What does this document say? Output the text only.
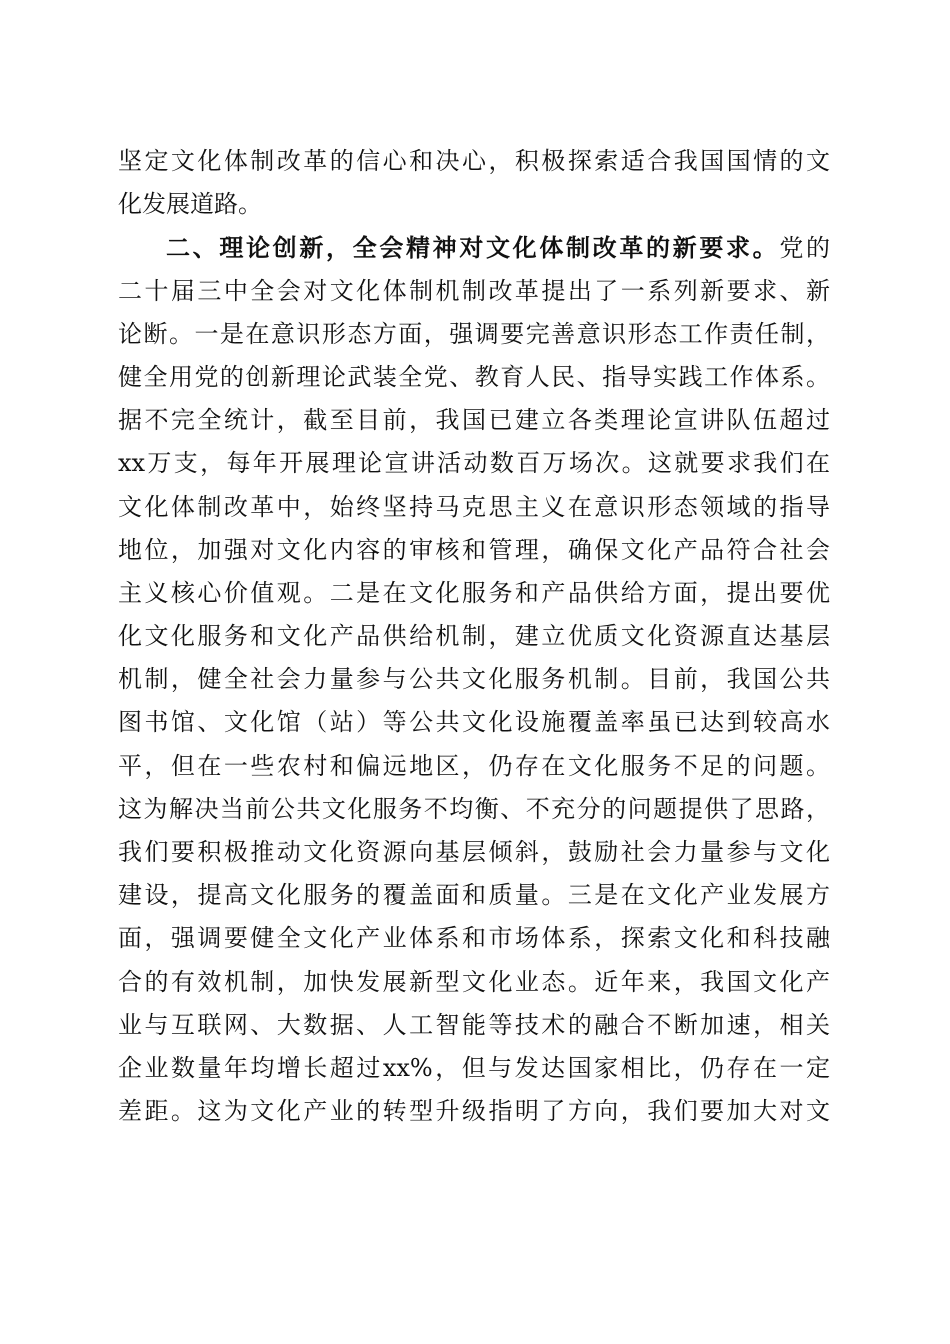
坚定文化体制改革的信心和决心，积极探索适合我国国情的文
化发展道路。
二、理论创新，全会精神对文化体制改革的新要求。党的
二十届三中全会对文化体制机制改革提出了一系列新要求、新
论断。一是在意识形态方面，强调要完善意识形态工作责任制，
健全用党的创新理论武装全党、教育人民、指导实践工作体系。
据不完全统计，截至目前，我国已建立各类理论宣讲队伍超过
xx万支，每年开展理论宣讲活动数百万场次。这就要求我们在
文化体制改革中，始终坚持马克思主义在意识形态领域的指导
地位，加强对文化内容的审核和管理，确保文化产品符合社会
主义核心价值观。二是在文化服务和产品供给方面，提出要优
化文化服务和文化产品供给机制，建立优质文化资源直达基层
机制，健全社会力量参与公共文化服务机制。目前，我国公共
图书馆、文化馆（站）等公共文化设施覆盖率虽已达到较高水
平，但在一些农村和偏远地区，仍存在文化服务不足的问题。
这为解决当前公共文化服务不均衡、不充分的问题提供了思路，
我们要积极推动文化资源向基层倾斜，鼓励社会力量参与文化
建设，提高文化服务的覆盖面和质量。三是在文化产业发展方
面，强调要健全文化产业体系和市场体系，探索文化和科技融
合的有效机制，加快发展新型文化业态。近年来，我国文化产
业与互联网、大数据、人工智能等技术的融合不断加速，相关
企业数量年均增长超过xx%，但与发达国家相比，仍存在一定
差距。这为文化产业的转型升级指明了方向，我们要加大对文
